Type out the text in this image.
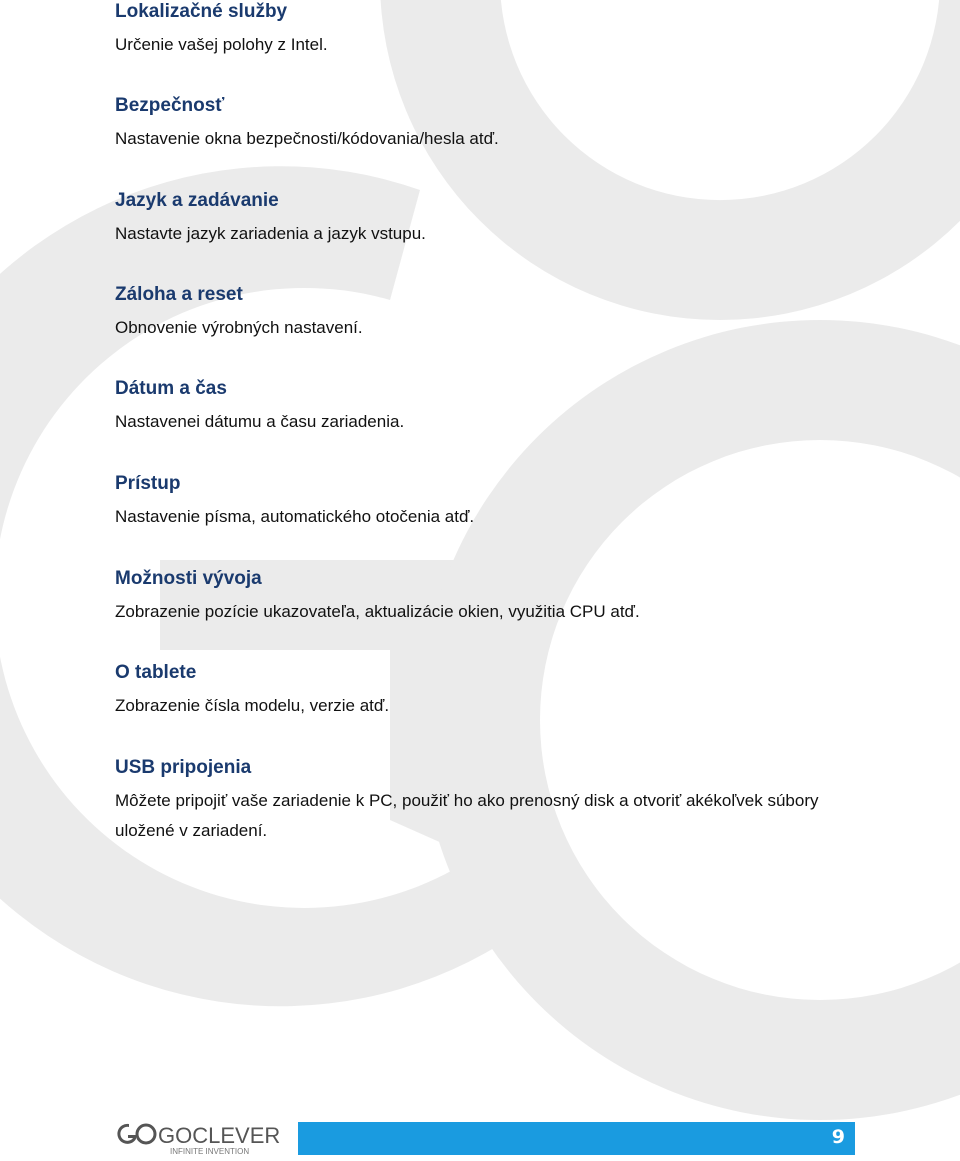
Lokalizačné služby
Určenie vašej polohy z Intel.
Bezpečnosť
Nastavenie okna bezpečnosti/kódovania/hesla atď.
Jazyk a zadávanie
Nastavte jazyk zariadenia a jazyk vstupu.
Záloha a reset
Obnovenie výrobných nastavení.
Dátum a čas
Nastavenei dátumu a času zariadenia.
Prístup
Nastavenie písma, automatického otočenia atď.
Možnosti vývoja
Zobrazenie pozície ukazovateľa, aktualizácie okien, využitia CPU atď.
O tablete
Zobrazenie čísla modelu, verzie atď.
USB pripojenia
Môžete pripojiť vaše zariadenie k PC, použiť ho ako prenosný disk a otvoriť akékoľvek súbory uložené v zariadení.
GOCLEVER
INFINITE INVENTION
9
